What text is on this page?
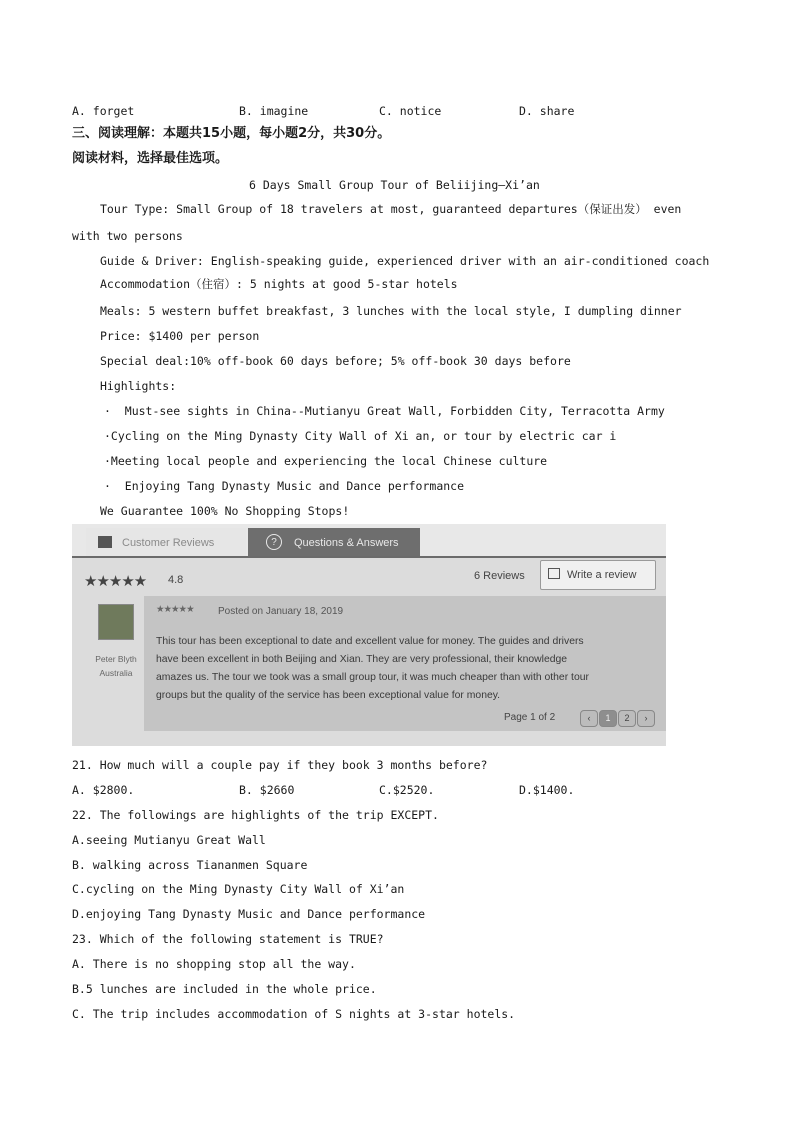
A. forget	B. imagine	C. notice	D. share
三、阅读理解：本题共15小题，每小题2分，共30分。
阅读材料，选择最佳选项。
6 Days Small Group Tour of Beliijing—Xi’an
Tour Type: Small Group of 18 travelers at most, guaranteed departures（保证出发） even
with two persons
Guide & Driver: English-speaking guide, experienced driver with an air-conditioned coach
Accommodation（住宿）: 5 nights at good 5-star hotels
Meals: 5 western buffet breakfast, 3 lunches with the local style, I dumpling dinner
Price: $1400 per person
Special deal:10% off-book 60 days before; 5% off-book 30 days before
Highlights:
·  Must-see sights in China--Mutianyu Great Wall, Forbidden City, Terracotta Army
·Cycling on the Ming Dynasty City Wall of Xi an, or tour by electric car i
·Meeting local people and experiencing the local Chinese culture
·  Enjoying Tang Dynasty Music and Dance performance
We Guarantee 100% No Shopping Stops!
Customer Reviews	?	Questions & Answers
★★★★★ 4.8	6 Reviews	Write a review
Peter Blyth
Australia
★★★★★ Posted on January 18, 2019
This tour has been exceptional to date and excellent value for money. The guides and drivers
have been excellent in both Beijing and Xian. They are very professional, their knowledge
amazes us. The tour we took was a small group tour, it was much cheaper than with other tour
groups but the quality of the service has been exceptional value for money.
Page 1 of 2	‹	1	2	›
21. How much will a couple pay if they book 3 months before?
A. $2800.	B. $2660	C.$2520.	D.$1400.
22. The followings are highlights of the trip EXCEPT.
A.seeing Mutianyu Great Wall
B. walking across Tiananmen Square
C.cycling on the Ming Dynasty City Wall of Xi’an
D.enjoying Tang Dynasty Music and Dance performance
23. Which of the following statement is TRUE?
A. There is no shopping stop all the way.
B.5 lunches are included in the whole price.
C. The trip includes accommodation of S nights at 3-star hotels.
